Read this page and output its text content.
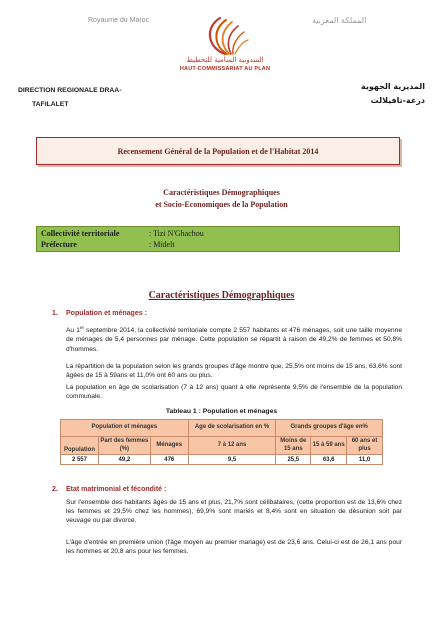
Royaume du Maroc	المملكة المغربية
المندوبية السامية للتخطيط
HAUT-COMMISSARIAT AU PLAN
DIRECTION REGIONALE DRAA-
TAFILALET
المديرية الجهوية
درعة-تافيلالت
Recensement Général de la Population et de l'Habitat 2014
Caractéristiques Démographiques
et Socio-Economiques de la Population
Collectivité territoriale	: Tizi N'Ghachou
Préfecture	: Midelt
Caractéristiques Démographiques
1. Population et ménages :
Au 1er septembre 2014, la collectivité territoriale compte 2 557 habitants et 476 ménages, soit une taille moyenne de ménages de 5,4 personnes par ménage. Cette population se répartit à raison de 49,2% de femmes et 50,8% d'hommes.
La répartition de la population selon les grands groupes d'âge montre que, 25,5% ont moins de 15 ans, 63,6% sont âgées de 15 à 59ans et 11,0% ont 60 ans ou plus.
La population en âge de scolarisation (7 à 12 ans) quant à elle représente 9,5% de l'ensemble de la population communale.
Tableau 1 : Population et ménages
Population et ménages			Age de scolarisation en %	Grands groupes d'âge en%		
Population	Part des femmes (%)	Ménages	7 à 12 ans	Moins de 15 ans	15 à 59 ans	60 ans et plus
2 557	49,2	476	9,5	25,5	63,6	11,0
2. Etat matrimonial et fécondité :
Sur l'ensemble des habitants âgés de 15 ans et plus, 21,7% sont célibataires, (cette proportion est de 13,6% chez les femmes et 29,5% chez les hommes), 69,9% sont mariés et 8,4% sont en situation de désunion soit par veuvage ou par divorce.
L'âge d'entrée en première union (l'âge moyen au premier mariage) est de 23,6 ans. Celui-ci est de 26,1 ans pour les hommes et 20,8 ans pour les femmes.
